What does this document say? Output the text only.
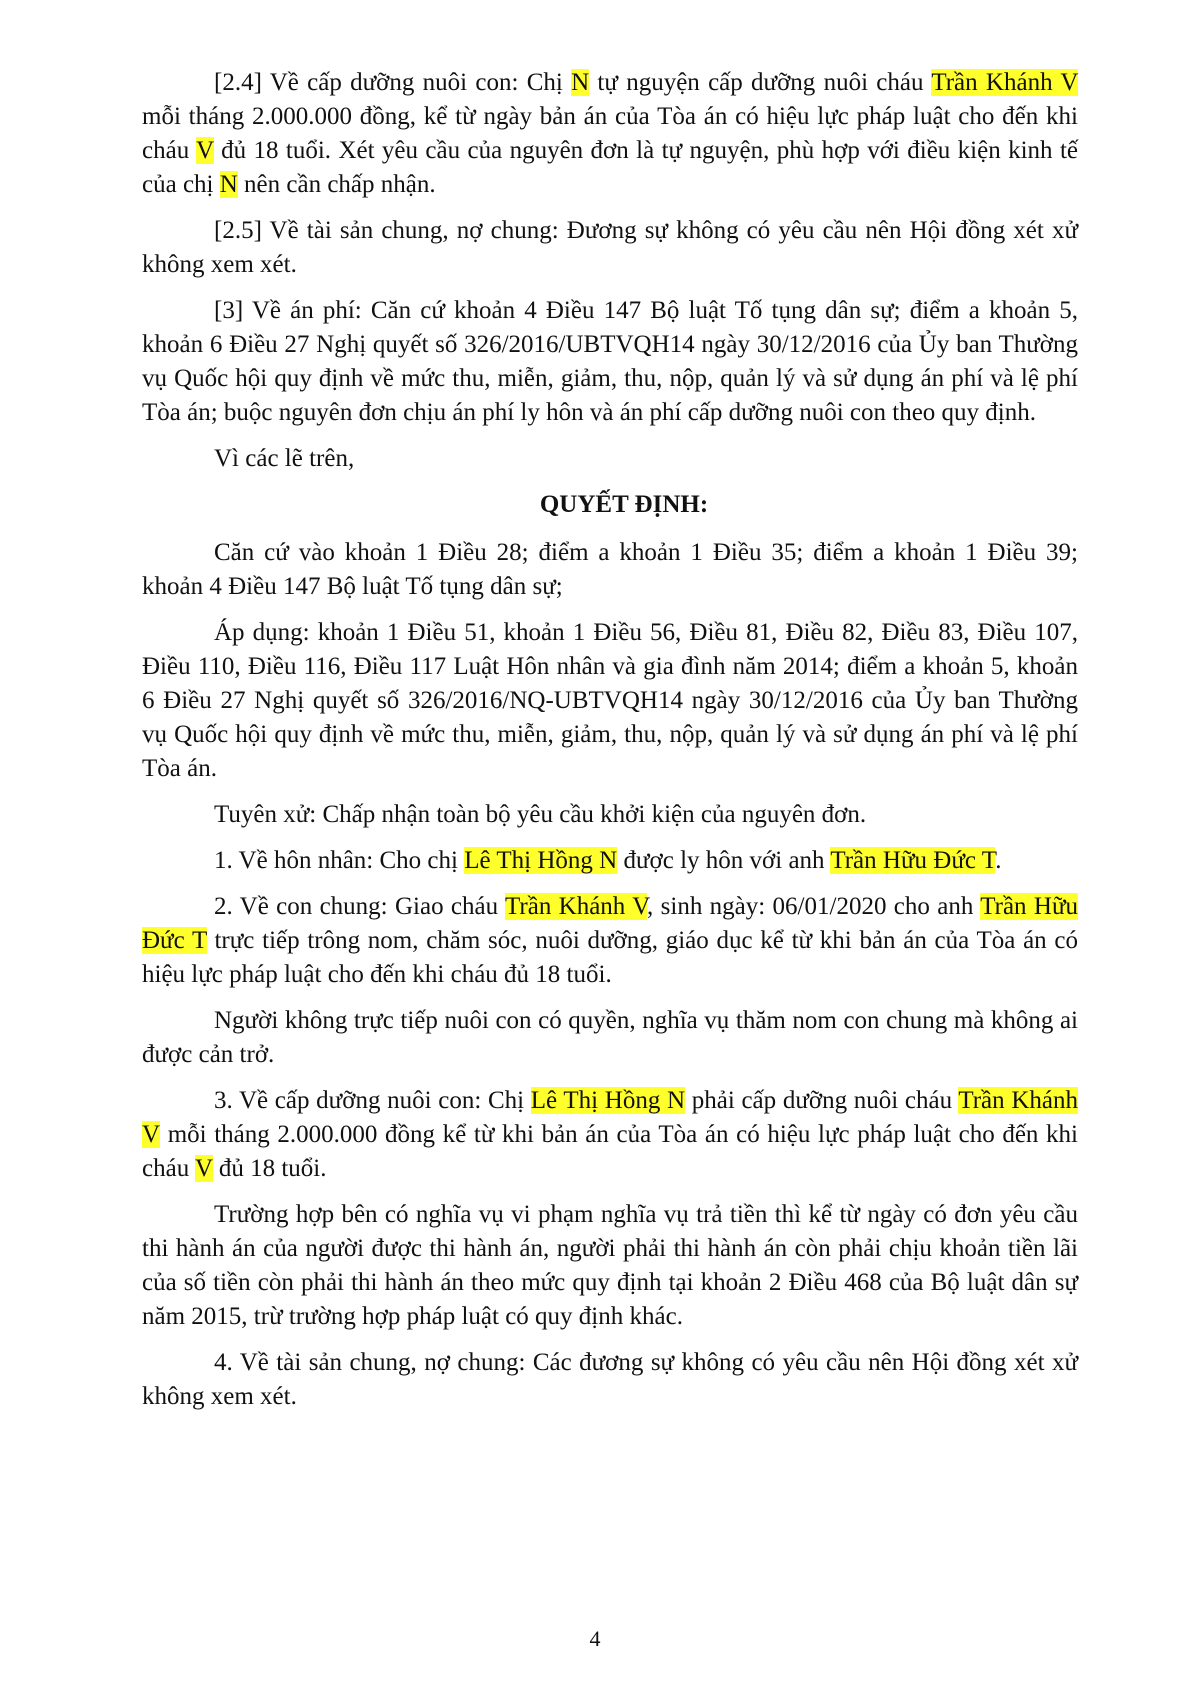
[2.4] Về cấp dưỡng nuôi con: Chị N tự nguyện cấp dưỡng nuôi cháu Trần Khánh V mỗi tháng 2.000.000 đồng, kể từ ngày bản án của Tòa án có hiệu lực pháp luật cho đến khi cháu V đủ 18 tuổi. Xét yêu cầu của nguyên đơn là tự nguyện, phù hợp với điều kiện kinh tế của chị N nên cần chấp nhận.

[2.5] Về tài sản chung, nợ chung: Đương sự không có yêu cầu nên Hội đồng xét xử không xem xét.

[3] Về án phí: Căn cứ khoản 4 Điều 147 Bộ luật Tố tụng dân sự; điểm a khoản 5, khoản 6 Điều 27 Nghị quyết số 326/2016/UBTVQH14 ngày 30/12/2016 của Ủy ban Thường vụ Quốc hội quy định về mức thu, miễn, giảm, thu, nộp, quản lý và sử dụng án phí và lệ phí Tòa án; buộc nguyên đơn chịu án phí ly hôn và án phí cấp dưỡng nuôi con theo quy định.

Vì các lẽ trên,

QUYẾT ĐỊNH:

Căn cứ vào khoản 1 Điều 28; điểm a khoản 1 Điều 35; điểm a khoản 1 Điều 39; khoản 4 Điều 147 Bộ luật Tố tụng dân sự;

Áp dụng: khoản 1 Điều 51, khoản 1 Điều 56, Điều 81, Điều 82, Điều 83, Điều 107, Điều 110, Điều 116, Điều 117 Luật Hôn nhân và gia đình năm 2014; điểm a khoản 5, khoản 6 Điều 27 Nghị quyết số 326/2016/NQ-UBTVQH14 ngày 30/12/2016 của Ủy ban Thường vụ Quốc hội quy định về mức thu, miễn, giảm, thu, nộp, quản lý và sử dụng án phí và lệ phí Tòa án.

Tuyên xử: Chấp nhận toàn bộ yêu cầu khởi kiện của nguyên đơn.

1. Về hôn nhân: Cho chị Lê Thị Hồng N được ly hôn với anh Trần Hữu Đức T.

2. Về con chung: Giao cháu Trần Khánh V, sinh ngày: 06/01/2020 cho anh Trần Hữu Đức T trực tiếp trông nom, chăm sóc, nuôi dưỡng, giáo dục kể từ khi bản án của Tòa án có hiệu lực pháp luật cho đến khi cháu đủ 18 tuổi.

Người không trực tiếp nuôi con có quyền, nghĩa vụ thăm nom con chung mà không ai được cản trở.

3. Về cấp dưỡng nuôi con: Chị Lê Thị Hồng N phải cấp dưỡng nuôi cháu Trần Khánh V mỗi tháng 2.000.000 đồng kể từ khi bản án của Tòa án có hiệu lực pháp luật cho đến khi cháu V đủ 18 tuổi.

Trường hợp bên có nghĩa vụ vi phạm nghĩa vụ trả tiền thì kể từ ngày có đơn yêu cầu thi hành án của người được thi hành án, người phải thi hành án còn phải chịu khoản tiền lãi của số tiền còn phải thi hành án theo mức quy định tại khoản 2 Điều 468 của Bộ luật dân sự năm 2015, trừ trường hợp pháp luật có quy định khác.

4. Về tài sản chung, nợ chung: Các đương sự không có yêu cầu nên Hội đồng xét xử không xem xét.

4
